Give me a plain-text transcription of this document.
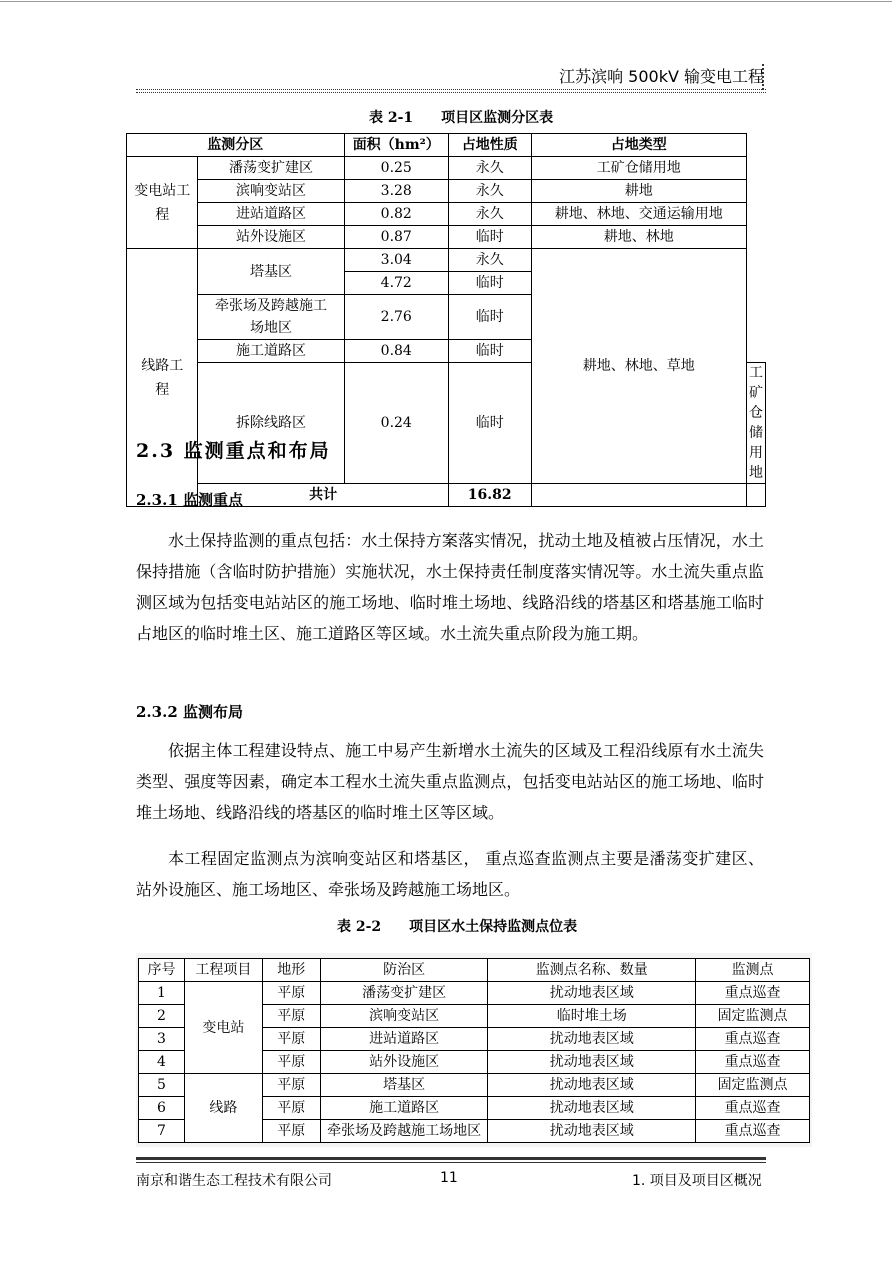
江苏滨响 500kV 输变电工程
表 2-1　　项目区监测分区表
监测分区		面积（hm²）	占地性质	占地类型	
变电站工程	潘荡变扩建区	0.25	永久	工矿仓储用地	
	滨响变站区	3.28	永久	耕地	
	进站道路区	0.82	永久	耕地、林地、交通运输用地	
	站外设施区	0.87	临时	耕地、林地	
线路工程	塔基区	3.04	永久	耕地、林地、草地	
		4.72	临时		
	牵张场及跨越施工场地区	2.76	临时		
	施工道路区	0.84	临时		
	拆除线路区	0.24	临时		工矿仓储用地
	共计		16.82		
2.3 监测重点和布局
2.3.1 监测重点
水土保持监测的重点包括：水土保持方案落实情况，扰动土地及植被占压情况，水土保持措施（含临时防护措施）实施状况，水土保持责任制度落实情况等。水土流失重点监测区域为包括变电站站区的施工场地、临时堆土场地、线路沿线的塔基区和塔基施工临时占地区的临时堆土区、施工道路区等区域。水土流失重点阶段为施工期。
2.3.2 监测布局
依据主体工程建设特点、施工中易产生新增水土流失的区域及工程沿线原有水土流失类型、强度等因素，确定本工程水土流失重点监测点，包括变电站站区的施工场地、临时堆土场地、线路沿线的塔基区的临时堆土区等区域。
本工程固定监测点为滨响变站区和塔基区， 重点巡查监测点主要是潘荡变扩建区、站外设施区、施工场地区、牵张场及跨越施工场地区。
表 2-2　　项目区水土保持监测点位表
序号	工程项目	地形	防治区	监测点名称、数量	监测点
1	变电站	平原	潘荡变扩建区	扰动地表区域	重点巡查
2		平原	滨响变站区	临时堆土场	固定监测点
3		平原	进站道路区	扰动地表区域	重点巡查
4		平原	站外设施区	扰动地表区域	重点巡查
5	线路	平原	塔基区	扰动地表区域	固定监测点
6		平原	施工道路区	扰动地表区域	重点巡查
7		平原	牵张场及跨越施工场地区	扰动地表区域	重点巡查
南京和谐生态工程技术有限公司	11	1. 项目及项目区概况
